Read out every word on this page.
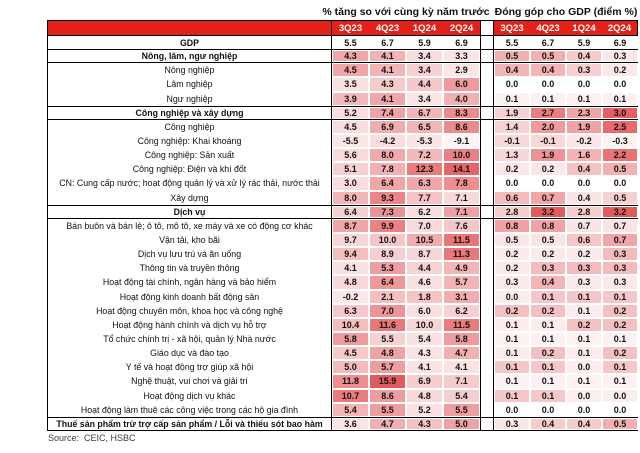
% tăng so với cùng kỳ năm trước Đóng góp cho GDP (điểm %)
3Q23	4Q23	1Q24	2Q24	3Q23	4Q23	1Q24	2Q24
GDP	5.5	6.7	5.9	6.9	5.5	6.7	5.9	6.9
Nông, lâm, ngư nghiệp	4.3	4.1	3.4	3.3	0.5	0.5	0.4	0.3
Nông nghiệp	4.5	4.1	3.4	2.9	0.4	0.4	0.3	0.2
Lâm nghiệp	3.5	4.3	4.4	6.0	0.0	0.0	0.0	0.0
Ngư nghiệp	3.9	4.1	3.4	4.0	0.1	0.1	0.1	0.1
Công nghiệp và xây dựng	5.2	7.4	6.7	8.3	1.9	2.7	2.3	3.0
Công nghiệp	4.5	6.9	6.5	8.6	1.4	2.0	1.9	2.5
Công nghiệp: Khai khoáng	-5.5	-4.2	-5.3	-9.1	-0.1	-0.1	-0.2	-0.3
Công nghiệp: Sản xuất	5.6	8.0	7.2	10.0	1.3	1.9	1.6	2.2
Công nghiệp: Điện và khí đốt	5.1	7.8	12.3	14.1	0.2	0.2	0.4	0.5
CN: Cung cấp nước; hoạt động quản lý và xử lý rác thải, nước thải	3.0	6.4	6.3	7.8	0.0	0.0	0.0	0.0
Xây dựng	8.0	9.3	7.7	7.1	0.6	0.7	0.4	0.5
Dịch vụ	6.4	7.3	6.2	7.1	2.8	3.2	2.8	3.2
Bán buôn và bán lẻ; ô tô, mô tô, xe máy và xe có động cơ khác	8.7	9.9	7.0	7.6	0.8	0.8	0.7	0.7
Vận tải, kho bãi	9.7	10.0	10.5	11.5	0.5	0.5	0.6	0.7
Dịch vụ lưu trú và ăn uống	9.4	8.9	8.7	11.3	0.2	0.2	0.2	0.3
Thông tin và truyền thông	4.1	5.3	4.4	4.9	0.2	0.3	0.3	0.3
Hoạt động tài chính, ngân hàng và bảo hiểm	4.8	6.4	4.6	5.7	0.3	0.4	0.3	0.3
Hoạt động kinh doanh bất động sản	-0.2	2.1	1.8	3.1	0.0	0.1	0.1	0.1
Hoạt động chuyên môn, khoa học và công nghệ	6.3	7.0	6.0	6.2	0.2	0.2	0.1	0.2
Hoạt động hành chính và dịch vụ hỗ trợ	10.4	11.6	10.0	11.5	0.1	0.1	0.2	0.2
Tổ chức chính trị - xã hội, quản lý Nhà nước	5.8	5.5	5.4	5.8	0.1	0.1	0.1	0.1
Giáo dục và đào tạo	4.5	4.8	4.3	4.7	0.1	0.2	0.1	0.2
Y tế và hoạt động trợ giúp xã hội	5.0	5.7	4.1	4.1	0.1	0.1	0.0	0.1
Nghệ thuật, vui chơi và giải trí	11.8	15.9	6.9	7.1	0.1	0.1	0.1	0.1
Hoạt động dịch vụ khác	10.7	8.6	4.8	5.4	0.1	0.1	0.0	0.0
Hoạt động làm thuê các công việc trong các hộ gia đình	5.4	5.5	5.2	5.5	0.0	0.0	0.0	0.0
Thuế sản phẩm trừ trợ cấp sản phẩm / Lỗi và thiếu sót bao hàm	3.6	4.7	4.3	5.0	0.3	0.4	0.4	0.5
Source: CEIC, HSBC
